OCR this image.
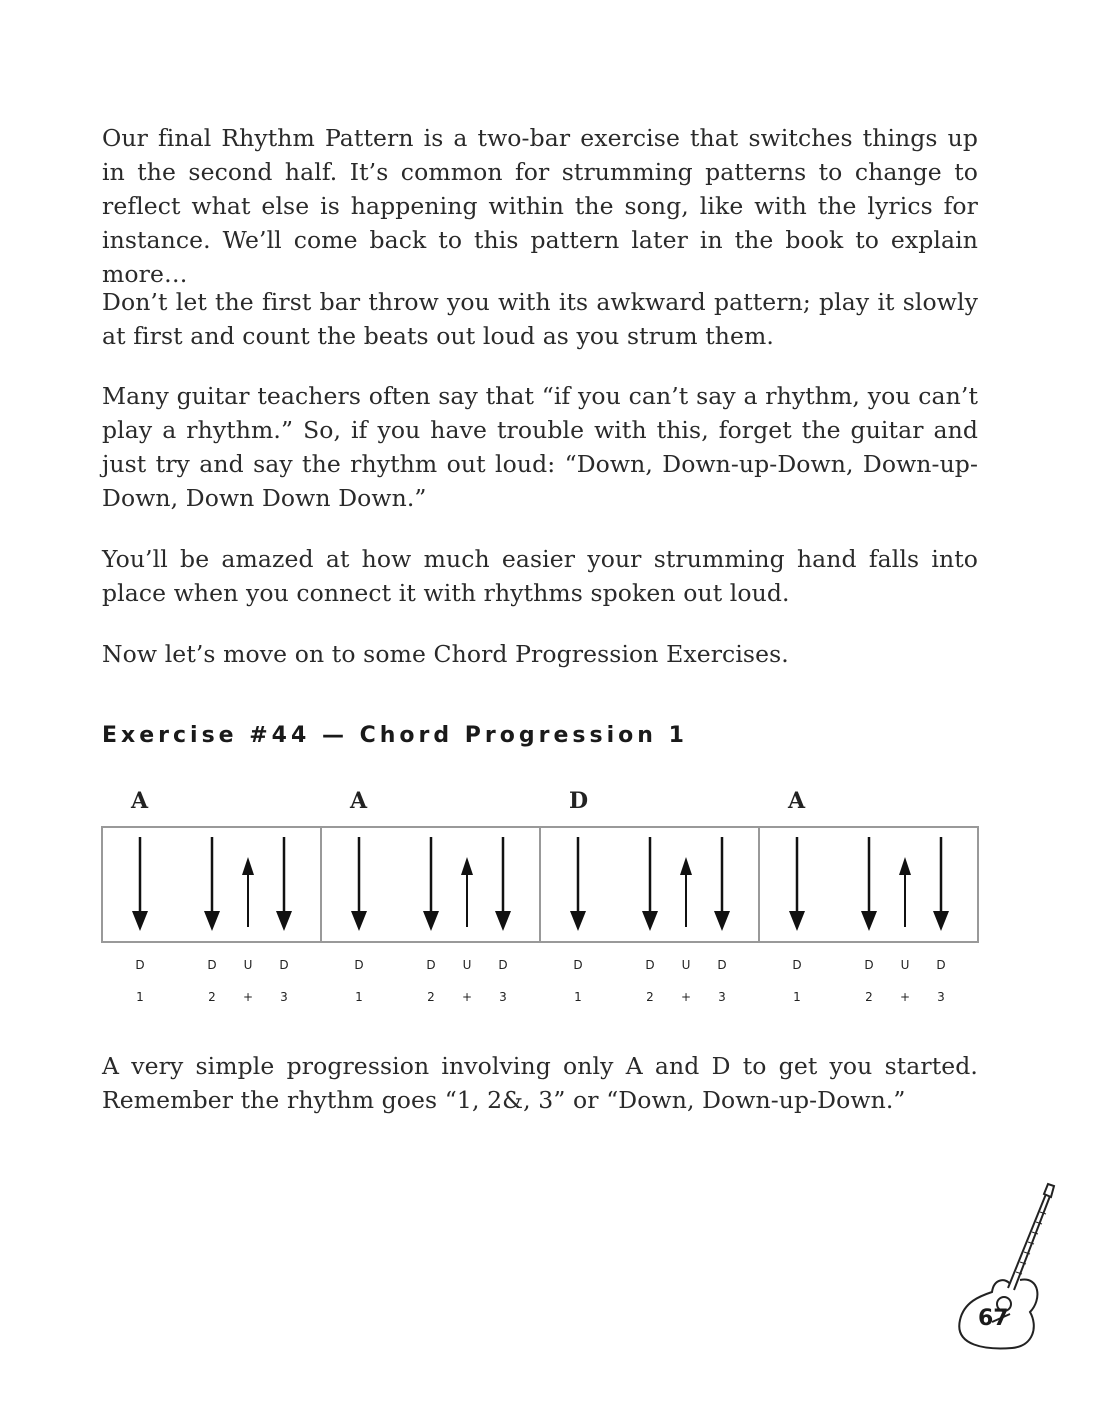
Our final Rhythm Pattern is a two-bar exercise that switches things up in the second half. It’s common for strumming patterns to change to reflect what else is happening within the song, like with the lyrics for instance. We’ll come back to this pattern later in the book to explain more…

Don’t let the first bar throw you with its awkward pattern; play it slowly at first and count the beats out loud as you strum them.

Many guitar teachers often say that “if you can’t say a rhythm, you can’t play a rhythm.” So, if you have trouble with this, forget the guitar and just try and say the rhythm out loud: “Down, Down-up-Down, Down-up-Down, Down Down Down.”

You’ll be amazed at how much easier your strumming hand falls into place when you connect it with rhythms spoken out loud.

Now let’s move on to some Chord Progression Exercises.

Exercise #44 — Chord Progression 1
A
D
1
D
2
U
+
D
3
A
D
1
D
2
U
+
D
3
D
D
1
D
2
U
+
D
3
A
D
1
D
2
U
+
D
3

A very simple progression involving only A and D to get you started. Remember the rhythm goes “1, 2&, 3” or “Down, Down-up-Down.”

67
